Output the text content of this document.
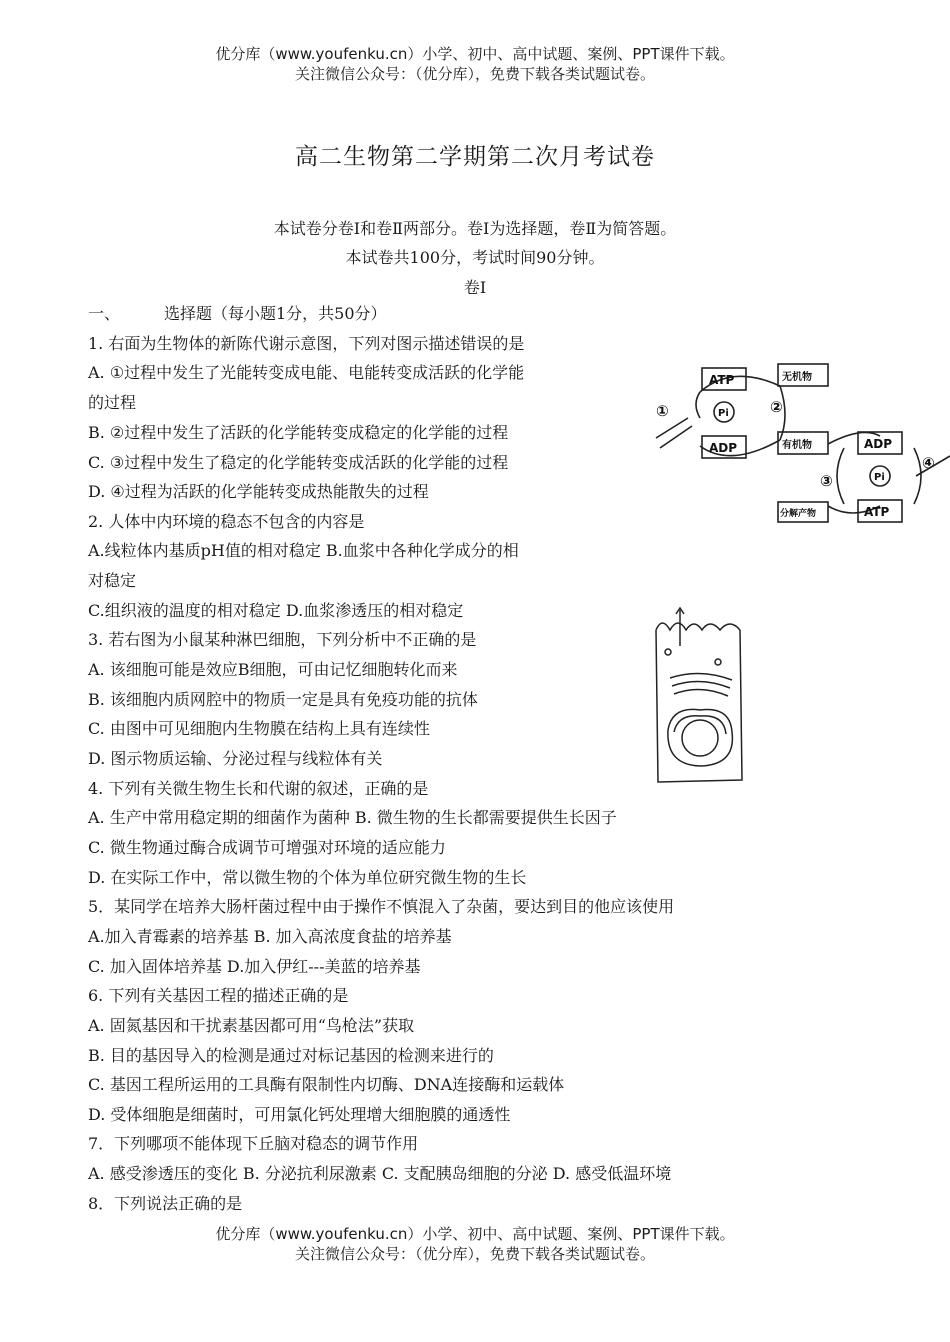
优分库（www.youfenku.cn）小学、初中、高中试题、案例、PPT课件下载。
关注微信公众号：（优分库），免费下载各类试题试卷。
高二生物第二学期第二次月考试卷
本试卷分卷Ⅰ和卷Ⅱ两部分。卷Ⅰ为选择题，卷Ⅱ为简答题。
本试卷共100分，考试时间90分钟。
卷Ⅰ
一、	选择题（每小题1分，共50分）
1. 右面为生物体的新陈代谢示意图，下列对图示描述错误的是
A. ①过程中发生了光能转变成电能、电能转变成活跃的化学能
的过程
B. ②过程中发生了活跃的化学能转变成稳定的化学能的过程
C. ③过程中发生了稳定的化学能转变成活跃的化学能的过程
D. ④过程为活跃的化学能转变成热能散失的过程
2. 人体中内环境的稳态不包含的内容是
A.线粒体内基质pH值的相对稳定 B.血浆中各种化学成分的相
对稳定
C.组织液的温度的相对稳定 D.血浆渗透压的相对稳定
3. 若右图为小鼠某种淋巴细胞，下列分析中不正确的是
A. 该细胞可能是效应B细胞，可由记忆细胞转化而来
B. 该细胞内质网腔中的物质一定是具有免疫功能的抗体
C. 由图中可见细胞内生物膜在结构上具有连续性
D. 图示物质运输、分泌过程与线粒体有关
4. 下列有关微生物生长和代谢的叙述，正确的是
A. 生产中常用稳定期的细菌作为菌种 B. 微生物的生长都需要提供生长因子
C. 微生物通过酶合成调节可增强对环境的适应能力
D. 在实际工作中，常以微生物的个体为单位研究微生物的生长
5．某同学在培养大肠杆菌过程中由于操作不慎混入了杂菌，要达到目的他应该使用
A.加入青霉素的培养基 B. 加入高浓度食盐的培养基
C. 加入固体培养基 D.加入伊红---美蓝的培养基
6. 下列有关基因工程的描述正确的是
A. 固氮基因和干扰素基因都可用“鸟枪法”获取
B. 目的基因导入的检测是通过对标记基因的检测来进行的
C. 基因工程所运用的工具酶有限制性内切酶、DNA连接酶和运载体
D. 受体细胞是细菌时，可用氯化钙处理增大细胞膜的通透性
7．下列哪项不能体现下丘脑对稳态的调节作用
A. 感受渗透压的变化 B. 分泌抗利尿激素 C. 支配胰岛细胞的分泌 D. 感受低温环境
8．下列说法正确的是
ATP
ADP
Pi
无机物
有机物	ADP
Pi
ATP
分解产物
①	②
③
④
优分库（www.youfenku.cn）小学、初中、高中试题、案例、PPT课件下载。
关注微信公众号：（优分库），免费下载各类试题试卷。
